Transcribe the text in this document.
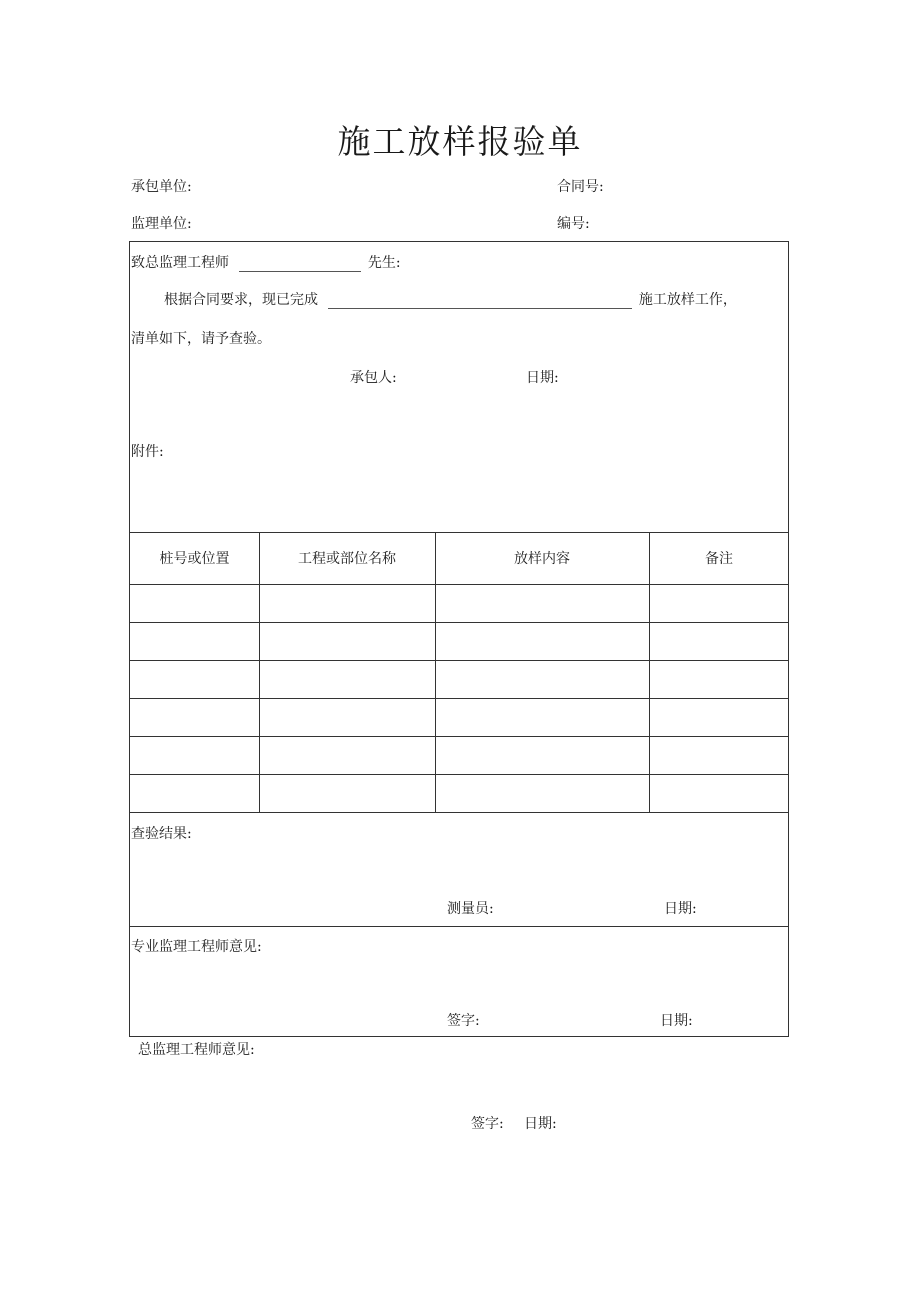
施工放样报验单
承包单位:	合同号:
监理单位:	编号:
桩号或位置	工程或部位名称	放样内容	备注
致总监理工程师	先生:
根据合同要求，现已完成	施工放样工作，
清单如下，请予查验。
承包人:	日期:
附件:
查验结果:
测量员:	日期:
专业监理工程师意见:
签字:	日期:
总监理工程师意见:
签字: 日期:
